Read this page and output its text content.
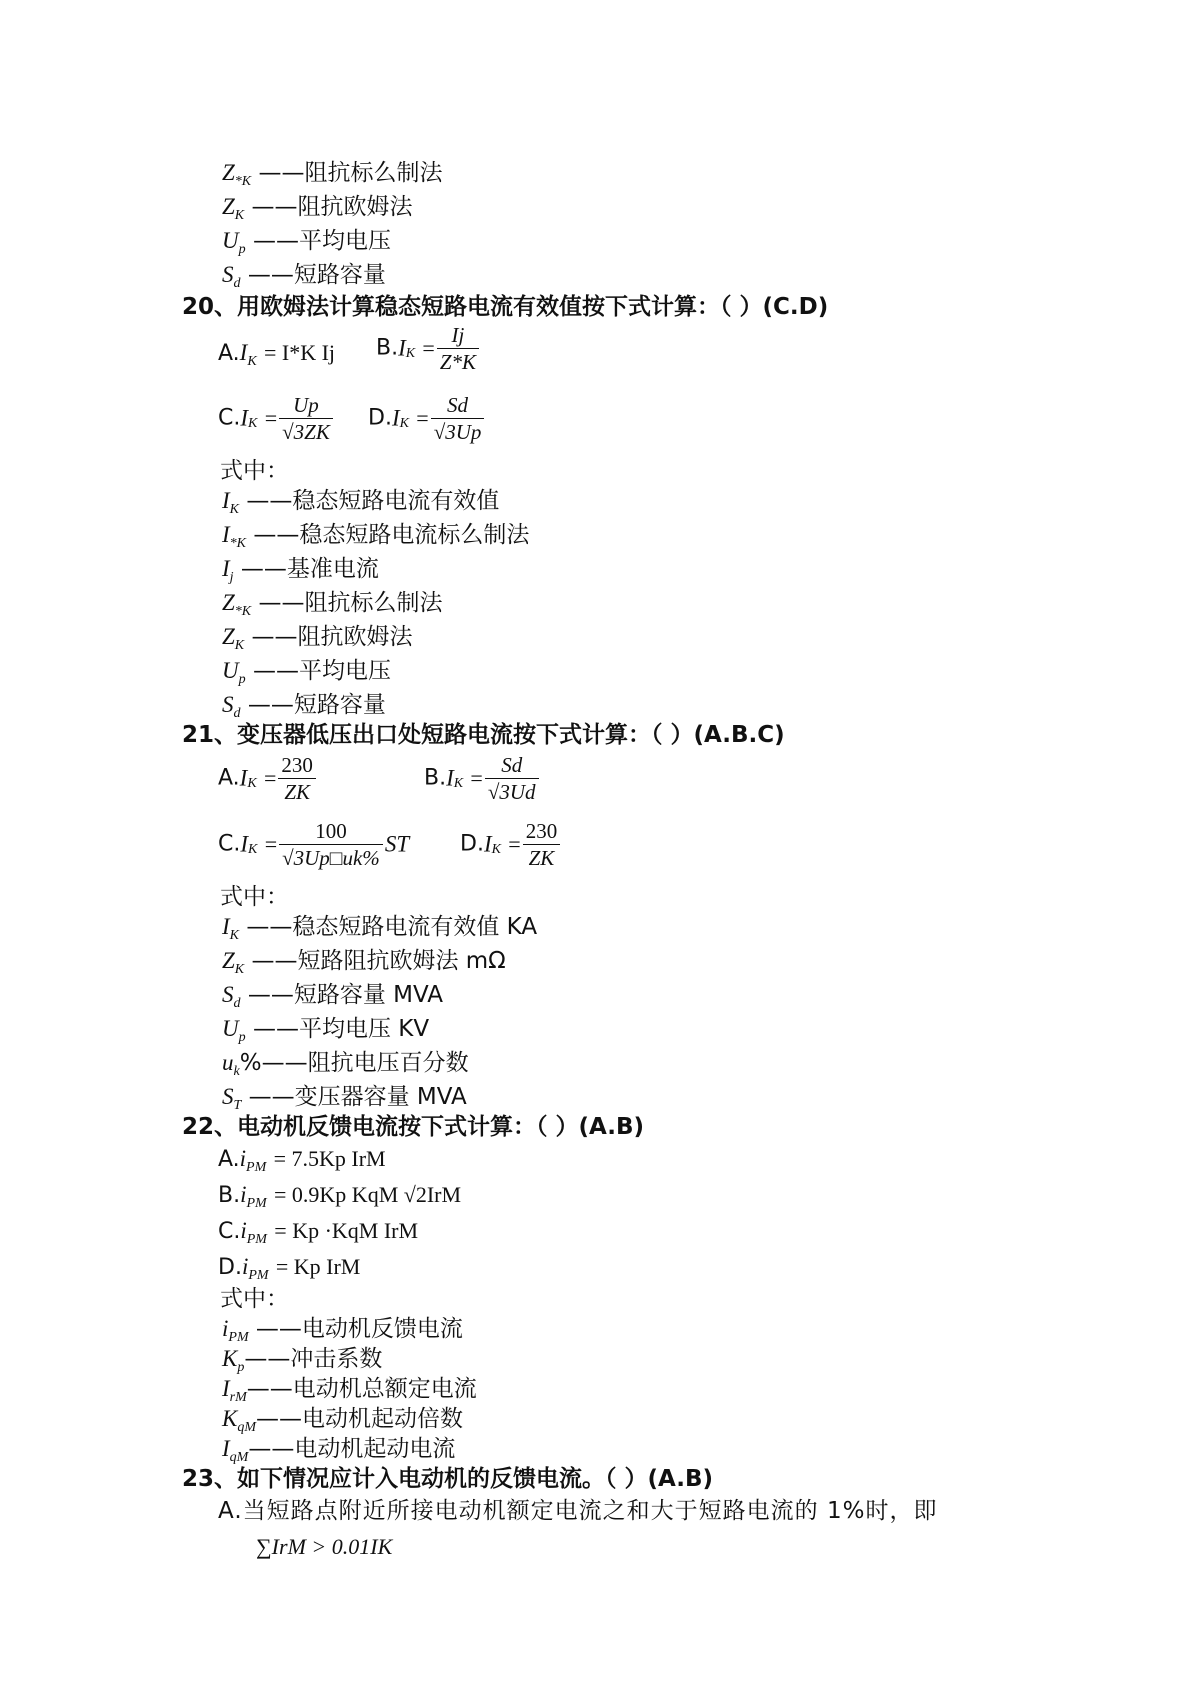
$Z_{*K}$ ——阻抗标么制法
$Z_K$ ——阻抗欧姆法
$U_p$ ——平均电压
$S_d$ ——短路容量
20、用欧姆法计算稳态短路电流有效值按下式计算：（ ）(C.D)
$A.I_K = I*K$ Ij $B.IK = \frac{Ij}{Z*K}$
$C.IK = \frac{Up}{√3ZK} D.IK = \frac{Sd}{√3Up}$
式中：
$I_K$ ——稳态短路电流有效值
$I_{*K}$ ——稳态短路电流标么制法
$I_j$ ——基准电流
$Z_{*K}$ ——阻抗标么制法
$Z_K$ ——阻抗欧姆法
$U_p$ ——平均电压
$S_d$ ——短路容量
21、变压器低压出口处短路电流按下式计算：（ ）(A.B.C)
$A.IK = \frac{230}{ZK}$	$B.IK = \frac{Sd}{√3Ud}$
$C.IK = \frac{100}{√3Up□uk\%}$ ST $D.IK = \frac{230}{ZK}$
式中：
$I_K$ ——稳态短路电流有效值 KA
$Z_K$ ——短路阻抗欧姆法 mΩ
$S_d$ ——短路容量 MVA
$U_p$ ——平均电压 KV
$u_k\%——$阻抗电压百分数
$S_T$ ——变压器容量 MVA
22、电动机反馈电流按下式计算：（ ）(A.B)
$A.i_{PM} = 7.5Kp$ IrM
$B.i_{PM} = 0.9Kp$ KqM √2IrM
$C.i_{PM} = Kp \cdot KqM$ IrM
$D.i_{PM} = Kp$ IrM
式中：
$i_{PM}$ ——电动机反馈电流
$K_p——$冲击系数
$I_{rM}——$电动机总额定电流
$K_{qM}——$电动机起动倍数
$I_{qM}——$电动机起动电流
23、如下情况应计入电动机的反馈电流。（ ）(A.B)
A.当短路点附近所接电动机额定电流之和大于短路电流的 1%时，即
∑IrM > 0.01IK
